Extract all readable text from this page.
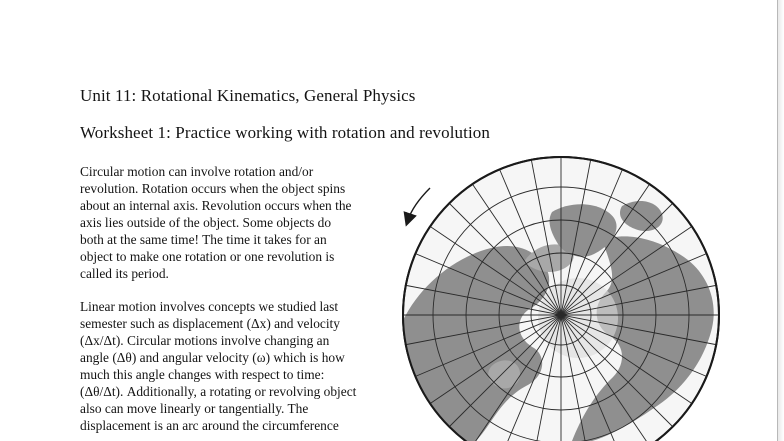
Unit 11: Rotational Kinematics, General Physics
Worksheet 1: Practice working with rotation and revolution

Circular motion can involve rotation and/or
revolution. Rotation occurs when the object spins
about an internal axis. Revolution occurs when the
axis lies outside of the object. Some objects do
both at the same time! The time it takes for an
object to make one rotation or one revolution is
called its period.

Linear motion involves concepts we studied last
semester such as displacement (Δx) and velocity
(Δx/Δt). Circular motions involve changing an
angle (Δθ) and angular velocity (ω) which is how
much this angle changes with respect to time:
(Δθ/Δt). Additionally, a rotating or revolving object
also can move linearly or tangentially. The
displacement is an arc around the circumference
